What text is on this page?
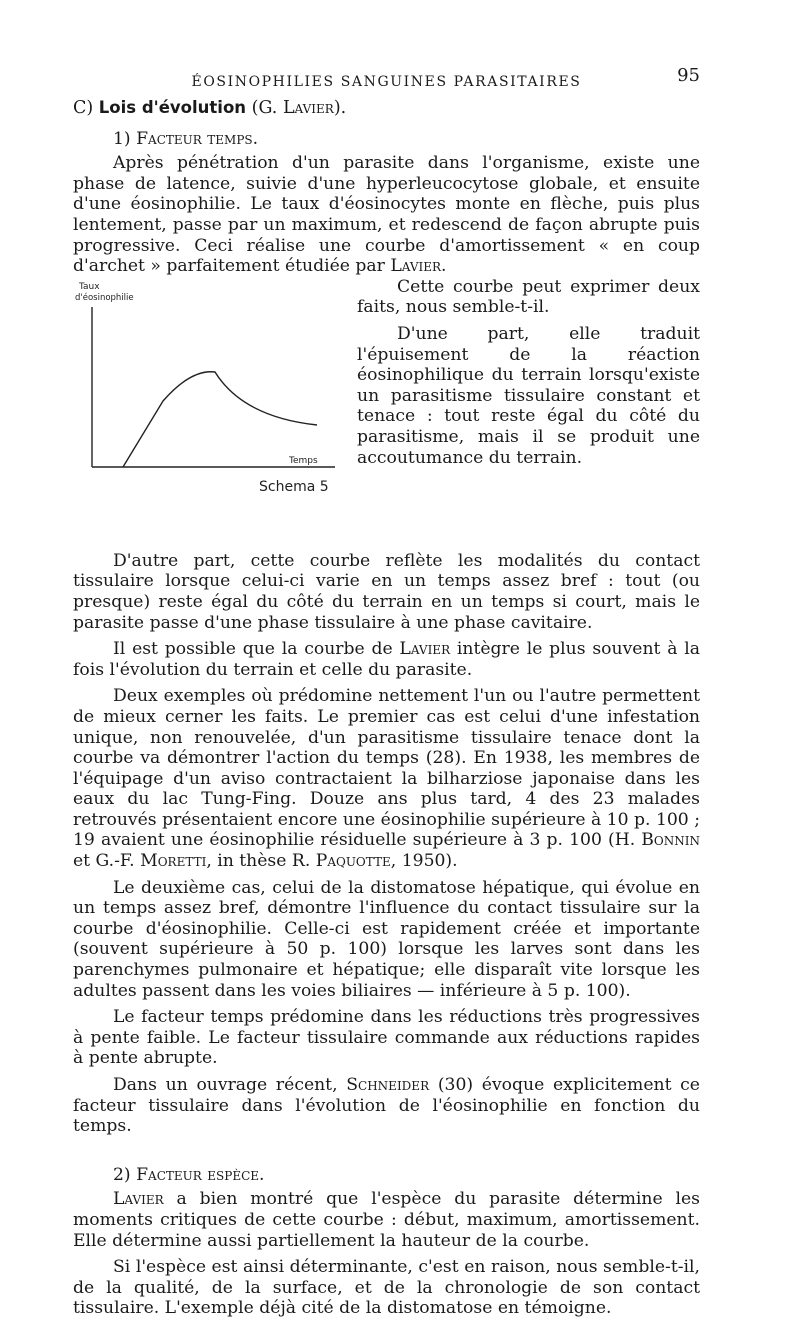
ÉOSINOPHILIES SANGUINES PARASITAIRES	95
C) Lois d'évolution (G. Lavier).
1) Facteur temps.

Après pénétration d'un parasite dans l'organisme, existe une phase de latence, suivie d'une hyperleucocytose globale, et ensuite d'une éosinophilie. Le taux d'éosinocytes monte en flèche, puis plus lentement, passe par un maximum, et redescend de façon abrupte puis progressive. Ceci réalise une courbe d'amortissement « en coup d'archet » parfaitement étudiée par Lavier.

Taux
d'éosinophilie
Temps
Schema 5

Cette courbe peut exprimer deux faits, nous semble-t-il.

D'une part, elle traduit l'épuisement de la réaction éosinophilique du terrain lorsqu'existe un parasitisme tissulaire constant et tenace : tout reste égal du côté du parasitisme, mais il se produit une accoutumance du terrain.

D'autre part, cette courbe reflète les modalités du contact tissulaire lorsque celui-ci varie en un temps assez bref : tout (ou presque) reste égal du côté du terrain en un temps si court, mais le parasite passe d'une phase tissulaire à une phase cavitaire.

Il est possible que la courbe de Lavier intègre le plus souvent à la fois l'évolution du terrain et celle du parasite.

Deux exemples où prédomine nettement l'un ou l'autre permettent de mieux cerner les faits. Le premier cas est celui d'une infestation unique, non renouvelée, d'un parasitisme tissulaire tenace dont la courbe va démontrer l'action du temps (28). En 1938, les membres de l'équipage d'un aviso contractaient la bilharziose japonaise dans les eaux du lac Tung-Fing. Douze ans plus tard, 4 des 23 malades retrouvés présentaient encore une éosinophilie supérieure à 10 p. 100 ; 19 avaient une éosinophilie résiduelle supérieure à 3 p. 100 (H. Bonnin et G.-F. Moretti, in thèse R. Paquotte, 1950).

Le deuxième cas, celui de la distomatose hépatique, qui évolue en un temps assez bref, démontre l'influence du contact tissulaire sur la courbe d'éosinophilie. Celle-ci est rapidement créée et importante (souvent supérieure à 50 p. 100) lorsque les larves sont dans les parenchymes pulmonaire et hépatique; elle disparaît vite lorsque les adultes passent dans les voies biliaires — inférieure à 5 p. 100).

Le facteur temps prédomine dans les réductions très progressives à pente faible. Le facteur tissulaire commande aux réductions rapides à pente abrupte.

Dans un ouvrage récent, Schneider (30) évoque explicitement ce facteur tissulaire dans l'évolution de l'éosinophilie en fonction du temps.

2) Facteur espèce.

Lavier a bien montré que l'espèce du parasite détermine les moments critiques de cette courbe : début, maximum, amortissement. Elle détermine aussi partiellement la hauteur de la courbe.

Si l'espèce est ainsi déterminante, c'est en raison, nous semble-t-il, de la qualité, de la surface, et de la chronologie de son contact tissulaire. L'exemple déjà cité de la distomatose en témoigne.
